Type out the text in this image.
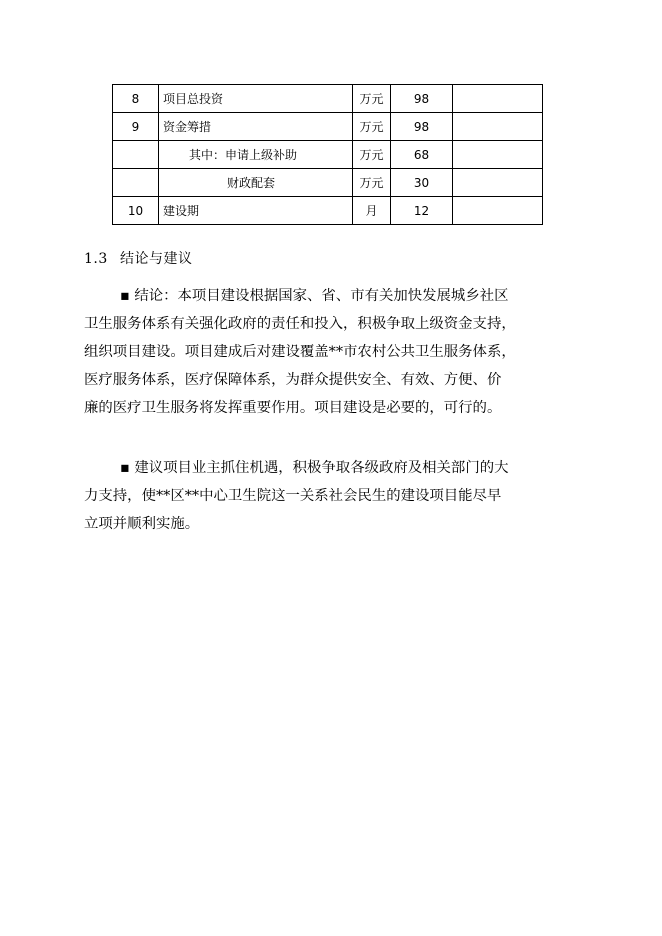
8	项目总投资	万元	98	
9	资金筹措	万元	98	
	其中：申请上级补助	万元	68	
	财政配套	万元	30	
10	建设期	月	12	
1.3 结论与建议
▪ 结论：本项目建设根据国家、省、市有关加快发展城乡社区
卫生服务体系有关强化政府的责任和投入，积极争取上级资金支持，
组织项目建设。项目建成后对建设覆盖**市农村公共卫生服务体系，
医疗服务体系，医疗保障体系，为群众提供安全、有效、方便、价
廉的医疗卫生服务将发挥重要作用。项目建设是必要的，可行的。
▪ 建议项目业主抓住机遇，积极争取各级政府及相关部门的大
力支持，使**区**中心卫生院这一关系社会民生的建设项目能尽早
立项并顺利实施。
